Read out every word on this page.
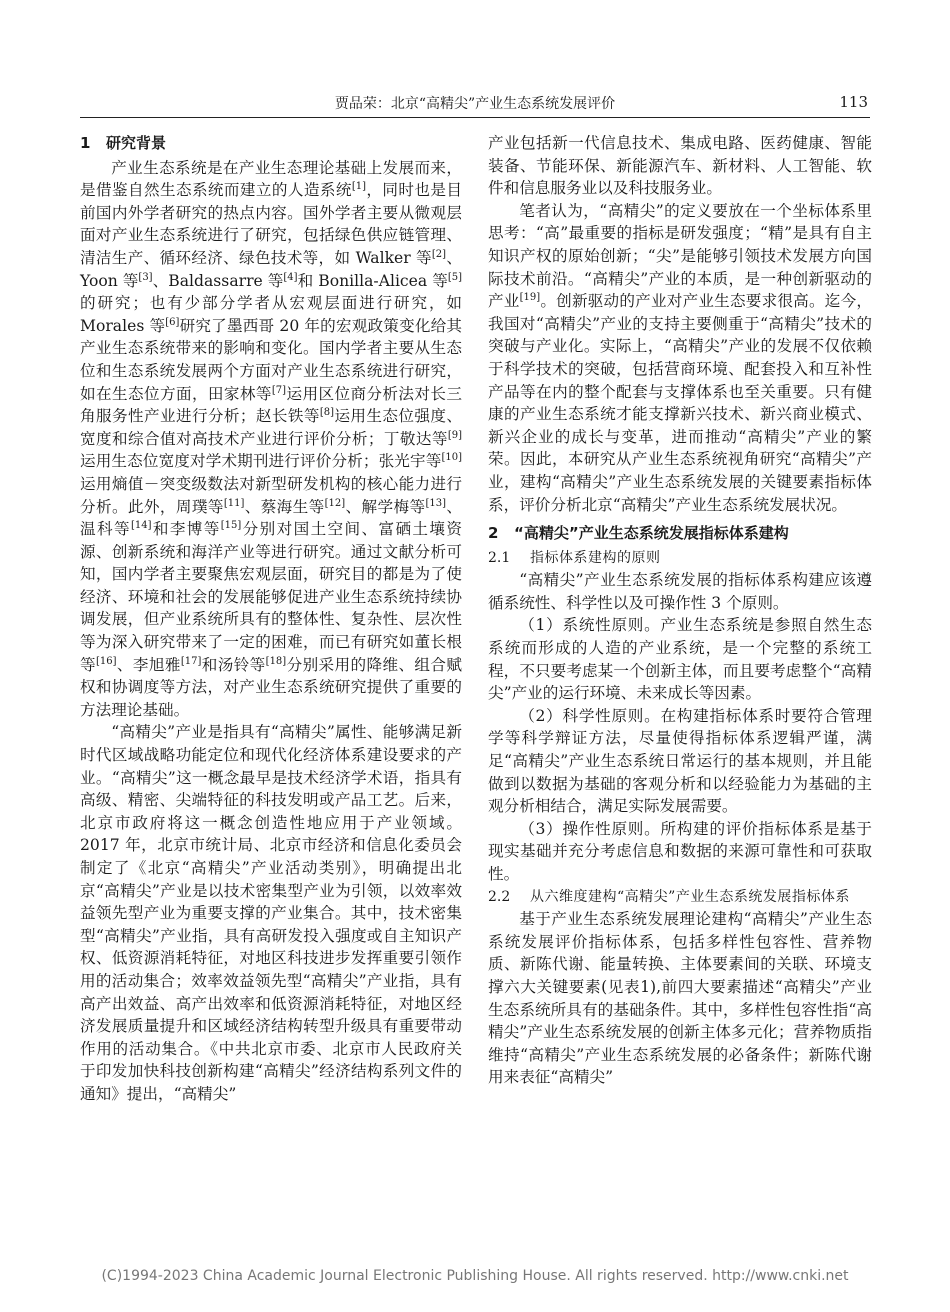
贾品荣：北京“高精尖”产业生态系统发展评价	113
1 研究背景

产业生态系统是在产业生态理论基础上发展而来，是借鉴自然生态系统而建立的人造系统[1]，同时也是目前国内外学者研究的热点内容。国外学者主要从微观层面对产业生态系统进行了研究，包括绿色供应链管理、清洁生产、循环经济、绿色技术等，如 Walker 等[2]、Yoon 等[3]、Baldassarre 等[4]和 Bonilla-Alicea 等[5]的研究；也有少部分学者从宏观层面进行研究，如 Morales 等[6]研究了墨西哥 20 年的宏观政策变化给其产业生态系统带来的影响和变化。国内学者主要从生态位和生态系统发展两个方面对产业生态系统进行研究，如在生态位方面，田家林等[7]运用区位商分析法对长三角服务性产业进行分析；赵长铁等[8]运用生态位强度、宽度和综合值对高技术产业进行评价分析；丁敬达等[9]运用生态位宽度对学术期刊进行评价分析；张光宇等[10]运用熵值－突变级数法对新型研发机构的核心能力进行分析。此外，周璞等[11]、蔡海生等[12]、解学梅等[13]、温科等[14]和李博等[15]分别对国土空间、富硒土壤资源、创新系统和海洋产业等进行研究。通过文献分析可知，国内学者主要聚焦宏观层面，研究目的都是为了使经济、环境和社会的发展能够促进产业生态系统持续协调发展，但产业系统所具有的整体性、复杂性、层次性等为深入研究带来了一定的困难，而已有研究如董长根等[16]、李旭雅[17]和汤铃等[18]分别采用的降维、组合赋权和协调度等方法，对产业生态系统研究提供了重要的方法理论基础。

“高精尖”产业是指具有“高精尖”属性、能够满足新时代区域战略功能定位和现代化经济体系建设要求的产业。“高精尖”这一概念最早是技术经济学术语，指具有高级、精密、尖端特征的科技发明或产品工艺。后来，北京市政府将这一概念创造性地应用于产业领域。2017 年，北京市统计局、北京市经济和信息化委员会制定了《北京“高精尖”产业活动类别》，明确提出北京“高精尖”产业是以技术密集型产业为引领，以效率效益领先型产业为重要支撑的产业集合。其中，技术密集型“高精尖”产业指，具有高研发投入强度或自主知识产权、低资源消耗特征，对地区科技进步发挥重要引领作用的活动集合；效率效益领先型“高精尖”产业指，具有高产出效益、高产出效率和低资源消耗特征，对地区经济发展质量提升和区域经济结构转型升级具有重要带动作用的活动集合。《中共北京市委、北京市人民政府关于印发加快科技创新构建“高精尖”经济结构系列文件的通知》提出，“高精尖”

产业包括新一代信息技术、集成电路、医药健康、智能装备、节能环保、新能源汽车、新材料、人工智能、软件和信息服务业以及科技服务业。

笔者认为，“高精尖”的定义要放在一个坐标体系里思考：“高”最重要的指标是研发强度；“精”是具有自主知识产权的原始创新；“尖”是能够引领技术发展方向国际技术前沿。“高精尖”产业的本质，是一种创新驱动的产业[19]。创新驱动的产业对产业生态要求很高。迄今，我国对“高精尖”产业的支持主要侧重于“高精尖”技术的突破与产业化。实际上，“高精尖”产业的发展不仅依赖于科学技术的突破，包括营商环境、配套投入和互补性产品等在内的整个配套与支撑体系也至关重要。只有健康的产业生态系统才能支撑新兴技术、新兴商业模式、新兴企业的成长与变革，进而推动“高精尖”产业的繁荣。因此，本研究从产业生态系统视角研究“高精尖”产业，建构“高精尖”产业生态系统发展的关键要素指标体系，评价分析北京“高精尖”产业生态系统发展状况。

2 “高精尖”产业生态系统发展指标体系建构
2.1 指标体系建构的原则

“高精尖”产业生态系统发展的指标体系构建应该遵循系统性、科学性以及可操作性 3 个原则。

（1）系统性原则。产业生态系统是参照自然生态系统而形成的人造的产业系统，是一个完整的系统工程，不只要考虑某一个创新主体，而且要考虑整个“高精尖”产业的运行环境、未来成长等因素。

（2）科学性原则。在构建指标体系时要符合管理学等科学辩证方法，尽量使得指标体系逻辑严谨，满足“高精尖”产业生态系统日常运行的基本规则，并且能做到以数据为基础的客观分析和以经验能力为基础的主观分析相结合，满足实际发展需要。

（3）操作性原则。所构建的评价指标体系是基于现实基础并充分考虑信息和数据的来源可靠性和可获取性。

2.2	从六维度建构“高精尖”产业生态系统发展指标体系

基于产业生态系统发展理论建构“高精尖”产业生态系统发展评价指标体系，包括多样性包容性、营养物质、新陈代谢、能量转换、主体要素间的关联、环境支撑六大关键要素(见表1),前四大要素描述“高精尖”产业生态系统所具有的基础条件。其中，多样性包容性指“高精尖”产业生态系统发展的创新主体多元化；营养物质指维持“高精尖”产业生态系统发展的必备条件；新陈代谢用来表征“高精尖”

(C)1994-2023 China Academic Journal Electronic Publishing House. All rights reserved. http://www.cnki.net
